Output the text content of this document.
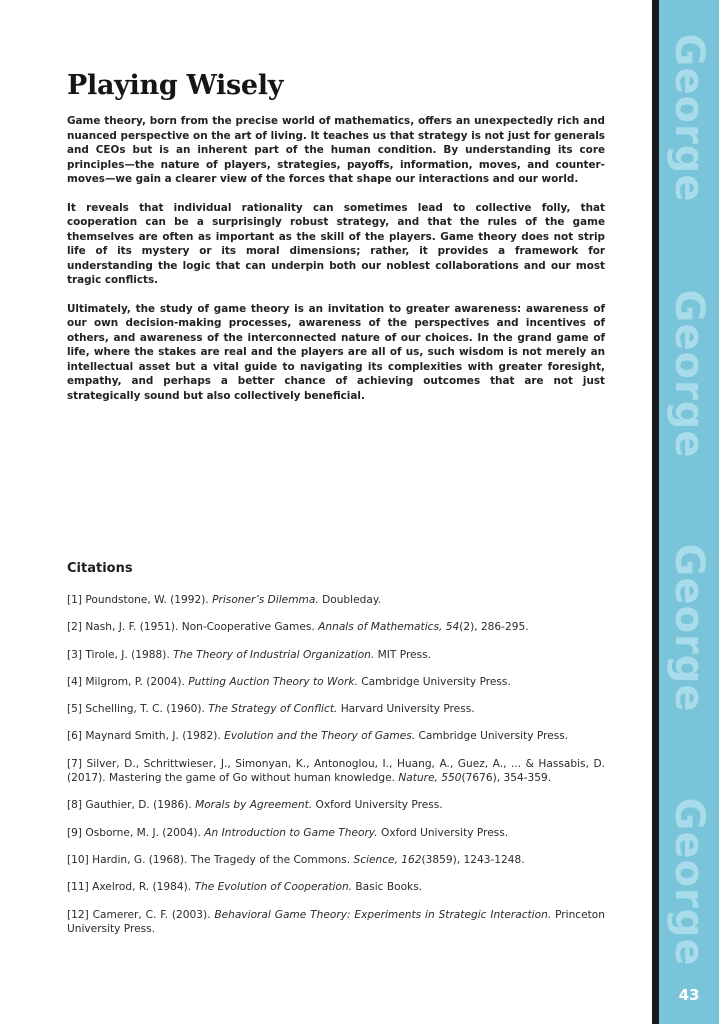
George
George
George
George
43
Playing Wisely

Game theory, born from the precise world of mathematics, offers an unexpectedly rich and nuanced perspective on the art of living. It teaches us that strategy is not just for generals and CEOs but is an inherent part of the human condition. By understanding its core principles—the nature of players, strategies, payoffs, information, moves, and counter-moves—we gain a clearer view of the forces that shape our interactions and our world.

It reveals that individual rationality can sometimes lead to collective folly, that cooperation can be a surprisingly robust strategy, and that the rules of the game themselves are often as important as the skill of the players. Game theory does not strip life of its mystery or its moral dimensions; rather, it provides a framework for understanding the logic that can underpin both our noblest collaborations and our most tragic conflicts.

Ultimately, the study of game theory is an invitation to greater awareness: awareness of our own decision-making processes, awareness of the perspectives and incentives of others, and awareness of the interconnected nature of our choices. In the grand game of life, where the stakes are real and the players are all of us, such wisdom is not merely an intellectual asset but a vital guide to navigating its complexities with greater foresight, empathy, and perhaps a better chance of achieving outcomes that are not just strategically sound but also collectively beneficial.

Citations

[1] Poundstone, W. (1992). Prisoner’s Dilemma. Doubleday.

[2] Nash, J. F. (1951). Non-Cooperative Games. Annals of Mathematics, 54(2), 286-295.

[3] Tirole, J. (1988). The Theory of Industrial Organization. MIT Press.

[4] Milgrom, P. (2004). Putting Auction Theory to Work. Cambridge University Press.

[5] Schelling, T. C. (1960). The Strategy of Conflict. Harvard University Press.

[6] Maynard Smith, J. (1982). Evolution and the Theory of Games. Cambridge University Press.

[7] Silver, D., Schrittwieser, J., Simonyan, K., Antonoglou, I., Huang, A., Guez, A., ... & Hassabis, D. (2017). Mastering the game of Go without human knowledge. Nature, 550(7676), 354-359.

[8] Gauthier, D. (1986). Morals by Agreement. Oxford University Press.

[9] Osborne, M. J. (2004). An Introduction to Game Theory. Oxford University Press.

[10] Hardin, G. (1968). The Tragedy of the Commons. Science, 162(3859), 1243-1248.

[11] Axelrod, R. (1984). The Evolution of Cooperation. Basic Books.

[12] Camerer, C. F. (2003). Behavioral Game Theory: Experiments in Strategic Interaction. Princeton University Press.
